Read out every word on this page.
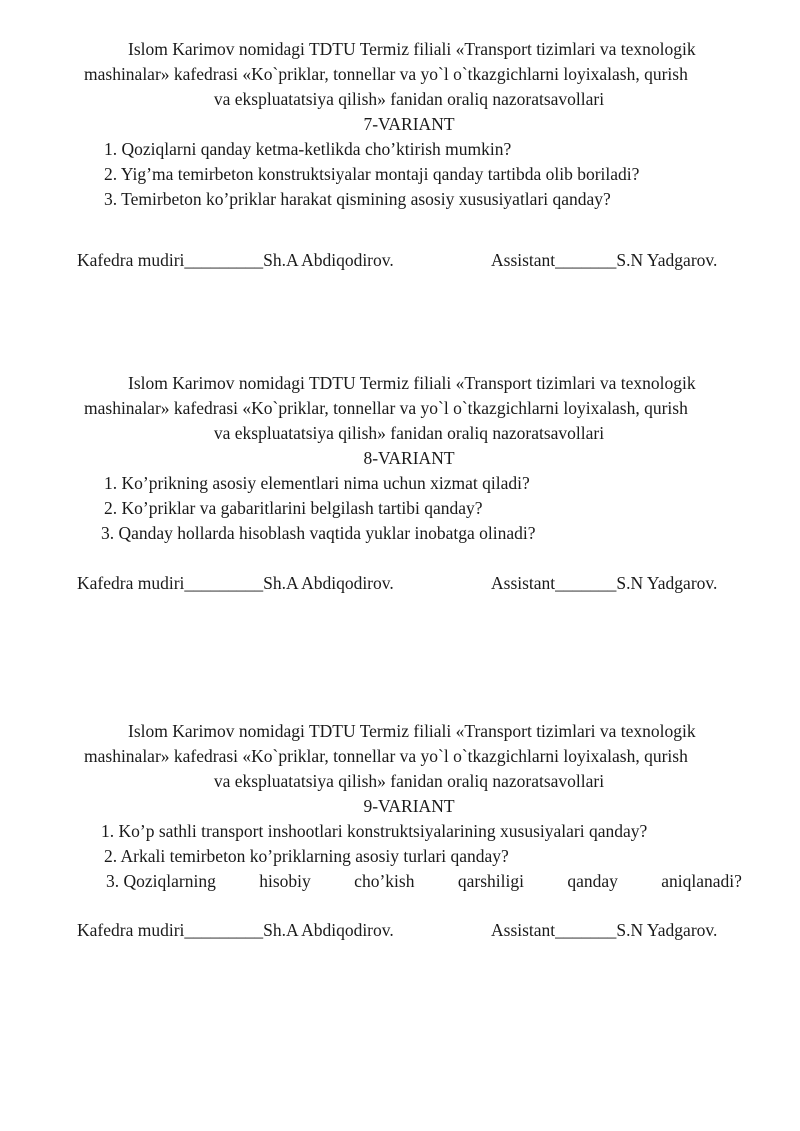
Islom Karimov nomidagi TDTU Termiz filiali «Transport tizimlari va texnologik
mashinalar» kafedrasi «Ko`priklar, tonnellar va yo`l o`tkazgichlarni loyixalash, qurish
va ekspluatatsiya qilish» fanidan oraliq nazoratsavollari
7-VARIANT
1. Qoziqlarni qanday ketma-ketlikda cho’ktirish mumkin?
2. Yig’ma temirbeton konstruktsiyalar montaji qanday tartibda olib boriladi?
3. Temirbeton ko’priklar harakat qismining asosiy xususiyatlari qanday?
Kafedra mudiri_________Sh.A Abdiqodirov.	Assistant_______S.N Yadgarov.
Islom Karimov nomidagi TDTU Termiz filiali «Transport tizimlari va texnologik
mashinalar» kafedrasi «Ko`priklar, tonnellar va yo`l o`tkazgichlarni loyixalash, qurish
va ekspluatatsiya qilish» fanidan oraliq nazoratsavollari
8-VARIANT
1. Ko’prikning asosiy elementlari nima uchun xizmat qiladi?
2. Ko’priklar va gabaritlarini belgilash tartibi qanday?
3. Qanday hollarda hisoblash vaqtida yuklar inobatga olinadi?
Kafedra mudiri_________Sh.A Abdiqodirov.	Assistant_______S.N Yadgarov.
Islom Karimov nomidagi TDTU Termiz filiali «Transport tizimlari va texnologik
mashinalar» kafedrasi «Ko`priklar, tonnellar va yo`l o`tkazgichlarni loyixalash, qurish
va ekspluatatsiya qilish» fanidan oraliq nazoratsavollari
9-VARIANT
1. Ko’p sathli transport inshootlari konstruktsiyalarining xususiyalari qanday?
2. Arkali temirbeton ko’priklarning asosiy turlari qanday?
3. Qoziqlarning hisobiy cho’kish qarshiligi qanday aniqlanadi?
Kafedra mudiri_________Sh.A Abdiqodirov.	Assistant_______S.N Yadgarov.
